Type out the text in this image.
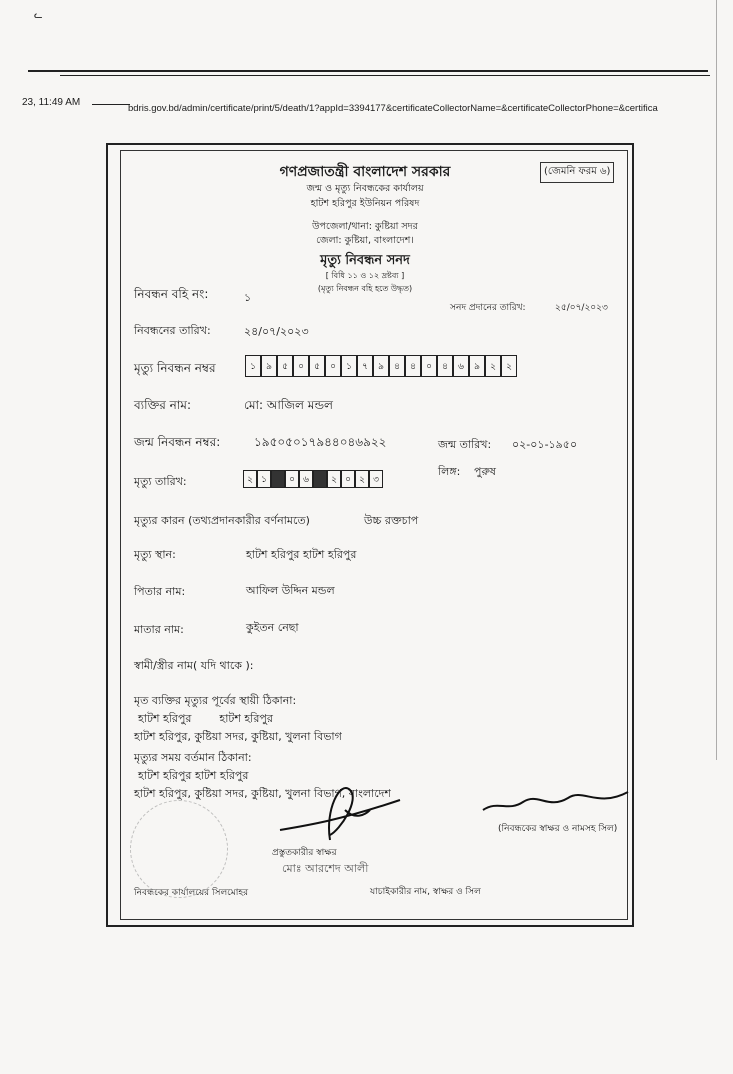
ᓚ
23, 11:49 AM
bdris.gov.bd/admin/certificate/print/5/death/1?appId=3394177&certificateCollectorName=&certificateCollectorPhone=&certifica
গণপ্রজাতন্ত্রী বাংলাদেশ সরকার	(জেমনি ফরম ৬)
জন্ম ও মৃত্যু নিবন্ধকের কার্যালয়
হাটশ হরিপুর ইউনিয়ন পরিষদ
উপজেলা/থানা: কুষ্টিয়া সদর
জেলা: কুষ্টিয়া, বাংলাদেশ।
মৃত্যু নিবন্ধন সনদ
[ বিধি ১১ ও ১২ দ্রষ্টব্য ]
(মৃত্যু নিবন্ধন বহি হতে উদ্ধৃত)
নিবন্ধন বহি নং:	১
সনদ প্রদানের তারিখ:	২৫/০৭/২০২৩
নিবন্ধনের তারিখ:	২৪/০৭/২০২৩
মৃত্যু নিবন্ধন নম্বর	১	৯	৫	০	৫	০	১	৭	৯	৪	৪	০	৪	৬	৯	২	২
ব্যক্তির নাম:	মো: আজিল মন্ডল
জন্ম নিবন্ধন নম্বর:	১৯৫০৫০১৭৯৪৪০৪৬৯২২	জন্ম তারিখ: ০২-০১-১৯৫০
লিঙ্গ: পুরুষ
মৃত্যু তারিখ:	২ ১	০ ৬	২ ০ ২ ৩
মৃত্যুর কারন (তথ্যপ্রদানকারীর বর্ণনামতে)	উচ্চ রক্তচাপ
মৃত্যু স্থান:	হাটশ হরিপুর হাটশ হরিপুর
পিতার নাম:	আফিল উদ্দিন মন্ডল
মাতার নাম:	কুইতন নেছা
স্বামী/স্ত্রীর নাম( যদি থাকে ):
মৃত ব্যক্তির মৃত্যুর পূর্বের স্থায়ী ঠিকানা:
হাটশ হরিপুর        হাটশ হরিপুর
হাটশ হরিপুর, কুষ্টিয়া সদর, কুষ্টিয়া, খুলনা বিভাগ
মৃত্যুর সময় বর্তমান ঠিকানা:
হাটশ হরিপুর হাটশ হরিপুর
হাটশ হরিপুর, কুষ্টিয়া সদর, কুষ্টিয়া, খুলনা বিভাগ, বাংলাদেশ
প্রস্তুতকারীর স্বাক্ষর
মোঃ আরশেদ আলী
(নিবন্ধকের স্বাক্ষর ও নামসহ সিল)
নিবন্ধকের কার্যালয়ের সিলমোহর	যাচাইকারীর নাম, স্বাক্ষর ও সিল
